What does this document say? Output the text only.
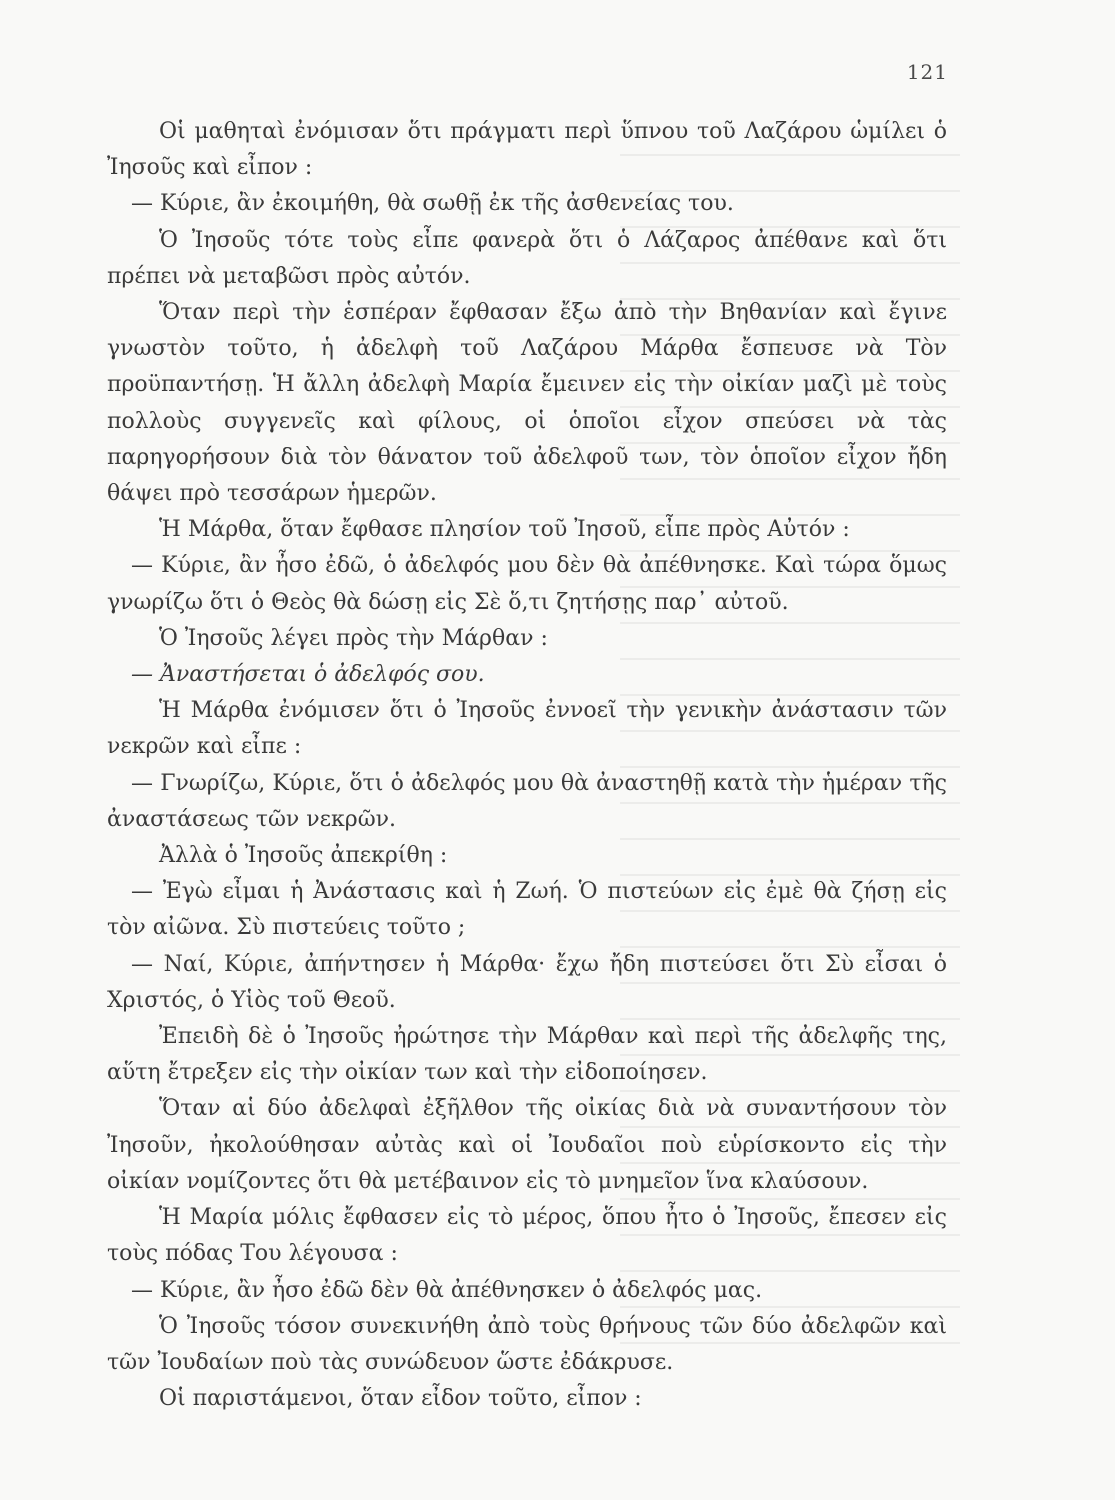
121

Οἱ μαθηταὶ ἐνόμισαν ὅτι πράγματι περὶ ὕπνου τοῦ Λαζάρου ὡμίλει ὁ Ἰησοῦς καὶ εἶπον :

— Κύριε, ἂν ἐκοιμήθη, θὰ σωθῇ ἐκ τῆς ἀσθενείας του.

Ὁ Ἰησοῦς τότε τοὺς εἶπε φανερὰ ὅτι ὁ Λάζαρος ἀπέθανε καὶ ὅτι πρέπει νὰ μεταβῶσι πρὸς αὐτόν.

Ὅταν περὶ τὴν ἑσπέραν ἔφθασαν ἔξω ἀπὸ τὴν Βηθανίαν καὶ ἔγινε γνωστὸν τοῦτο, ἡ ἀδελφὴ τοῦ Λαζάρου Μάρθα ἔσπευσε νὰ Τὸν προϋπαντήσῃ. Ἡ ἄλλη ἀδελφὴ Μαρία ἔμεινεν εἰς τὴν οἰκίαν μαζὶ μὲ τοὺς πολλοὺς συγγενεῖς καὶ φίλους, οἱ ὁποῖοι εἶχον σπεύσει νὰ τὰς παρηγορήσουν διὰ τὸν θάνατον τοῦ ἀδελφοῦ των, τὸν ὁποῖον εἶχον ἤδη θάψει πρὸ τεσσάρων ἡμερῶν.

Ἡ Μάρθα, ὅταν ἔφθασε πλησίον τοῦ Ἰησοῦ, εἶπε πρὸς Αὐτόν :

— Κύριε, ἂν ἦσο ἐδῶ, ὁ ἀδελφός μου δὲν θὰ ἀπέθνησκε. Καὶ τώρα ὅμως γνωρίζω ὅτι ὁ Θεὸς θὰ δώσῃ εἰς Σὲ ὅ,τι ζητήσῃς παρ᾿ αὐτοῦ.

Ὁ Ἰησοῦς λέγει πρὸς τὴν Μάρθαν :

— Ἀναστήσεται ὁ ἀδελφός σου.

Ἡ Μάρθα ἐνόμισεν ὅτι ὁ Ἰησοῦς ἐννοεῖ τὴν γενικὴν ἀνάστασιν τῶν νεκρῶν καὶ εἶπε :

— Γνωρίζω, Κύριε, ὅτι ὁ ἀδελφός μου θὰ ἀναστηθῇ κατὰ τὴν ἡμέραν τῆς ἀναστάσεως τῶν νεκρῶν.

Ἀλλὰ ὁ Ἰησοῦς ἀπεκρίθη :

— Ἐγὼ εἶμαι ἡ Ἀνάστασις καὶ ἡ Ζωή. Ὁ πιστεύων εἰς ἐμὲ θὰ ζήσῃ εἰς τὸν αἰῶνα. Σὺ πιστεύεις τοῦτο ;

— Ναί, Κύριε, ἀπήντησεν ἡ Μάρθα· ἔχω ἤδη πιστεύσει ὅτι Σὺ εἶσαι ὁ Χριστός, ὁ Υἱὸς τοῦ Θεοῦ.

Ἐπειδὴ δὲ ὁ Ἰησοῦς ἠρώτησε τὴν Μάρθαν καὶ περὶ τῆς ἀδελφῆς της, αὕτη ἔτρεξεν εἰς τὴν οἰκίαν των καὶ τὴν εἰδοποίησεν.

Ὅταν αἱ δύο ἀδελφαὶ ἐξῆλθον τῆς οἰκίας διὰ νὰ συναντήσουν τὸν Ἰησοῦν, ἠκολούθησαν αὐτὰς καὶ οἱ Ἰουδαῖοι ποὺ εὑρίσκοντο εἰς τὴν οἰκίαν νομίζοντες ὅτι θὰ μετέβαινον εἰς τὸ μνημεῖον ἵνα κλαύσουν.

Ἡ Μαρία μόλις ἔφθασεν εἰς τὸ μέρος, ὅπου ἦτο ὁ Ἰησοῦς, ἔπεσεν εἰς τοὺς πόδας Του λέγουσα :

— Κύριε, ἂν ἦσο ἐδῶ δὲν θὰ ἀπέθνησκεν ὁ ἀδελφός μας.

Ὁ Ἰησοῦς τόσον συνεκινήθη ἀπὸ τοὺς θρήνους τῶν δύο ἀδελφῶν καὶ τῶν Ἰουδαίων ποὺ τὰς συνώδευον ὥστε ἐδάκρυσε.

Οἱ παριστάμενοι, ὅταν εἶδον τοῦτο, εἶπον :
